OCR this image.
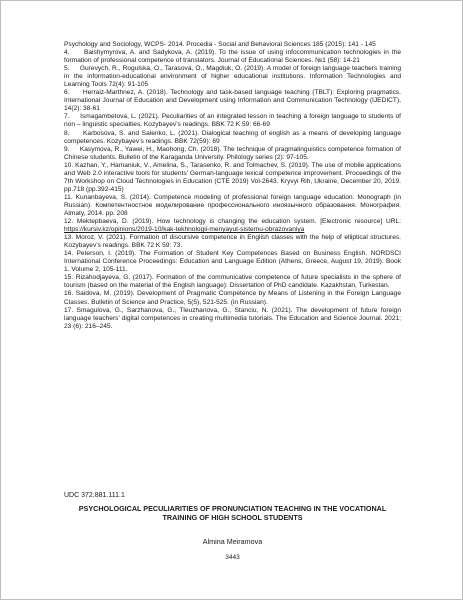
Psychology and Sociology, WCPS- 2014. Procedia - Social and Behavioral Sciences 185 (2015): 141 - 145

4.     Baishymyrova, A. and Sadykova, A. (2019). To the issue of using infocommunication technologies in the formation of professional competence of translators. Journal of Educational Sciences. №1 (58): 14-21

5.     Gurevych, R., Rogulska, O., Tarasova, O., Magdiuk, O. (2019). A model of foreign language teachers training in the information-educational environment of higher educational institutions. Information Technologies and Learning Tools 72(4): 91-105

6.     Herraiz-Marthnez, A. (2018). Technology and task-based language teaching (TBLT): Exploring pragmatics. International Journal of Education and Development using Information and Communication Technology (IJEDICT), 14(2): 38-61

7.     Ismagambetova, L. (2021). Peculiarities of an integrated lesson in teaching a foreign language to students of non – linguistic specialties. Kozybayev’s readings. BBK 72 K 59: 66-69

8.     Karbosova, S. and Salenko, L. (2021). Dialogical teaching of english as a means of developing language competences. Kozybayev’s readings. BBK 72(59): 69

9.     Kasymova, R., Yawei, H., Maohong, Ch. (2018). The technique of pragmalinguistics competence formation of Chinese students. Bulletin of the Karaganda University. Philology series (2): 97-105.

10. Kazhan, Y., Hamaniuk, V., Amelina, S., Tarasenko, R. and Tolmachev, S. (2019). The use of mobile applications and Web 2.0 interactive tools for students’ German-language lexical competence improvement. Proceedings of the 7th Workshop on Cloud Technologies in Education (CTE 2019) Vol-2643. Kryvyi Rih, Ukraine, December 20, 2019. pp.718 (pp.392-415)

11. Kunanbayeva, S. (2014). Competence modeling of professional foreign language education. Monograph (in Russian). Компетентностное моделирование профессионального иноязычного образования. Монография. Almaty, 2014. pp. 208

12. Mektepbaeva, D. (2019). How technology is changing the education system. [Electronic resource] URL: https://kursiv.kz/opinions/2019-10/kak-tekhnologii-menyayut-sistemu-obrazovaniya

13. Moroz, V. (2021). Formation of discursive competence in English classes with the help of elliptical structures. Kozybayev’s readings. BBK 72 K 59: 73.

14. Peterson, I. (2019). The Formation of Student Key Competences Based on Business English. NORDSCI International Conference Proceedings: Education and Language Edition (Athens, Greece, August 19, 2019). Book 1. Volume 2, 105-111.

15. Rizahodjayeva, G. (2017). Formation of the communicative competence of future specialists in the sphere of tourism (based on the material of the English language): Dissertation of PhD candidate. Kazakhstan, Turkestan.

16. Saidova, M. (2019). Development of Pragmatic Competence by Means of Listening in the Foreign Language Classes. Bulletin of Science and Practice, 5(5), 521-525. (in Russian).

17. Smagulova, G., Sarzhanova, G., Tleuzhanova, G., Stanciu, N. (2021). The development of future foreign language teachers’ digital competences in creating multimedia tutorials. The Education and Science Journal. 2021; 23 (6): 216–245.

UDC 372.881.111.1
PSYCHOLOGICAL PECULIARITIES OF PRONUNCIATION TEACHING IN THE VOCATIONAL TRAINING OF HIGH SCHOOL STUDENTS
Almina Meiramova
3443
